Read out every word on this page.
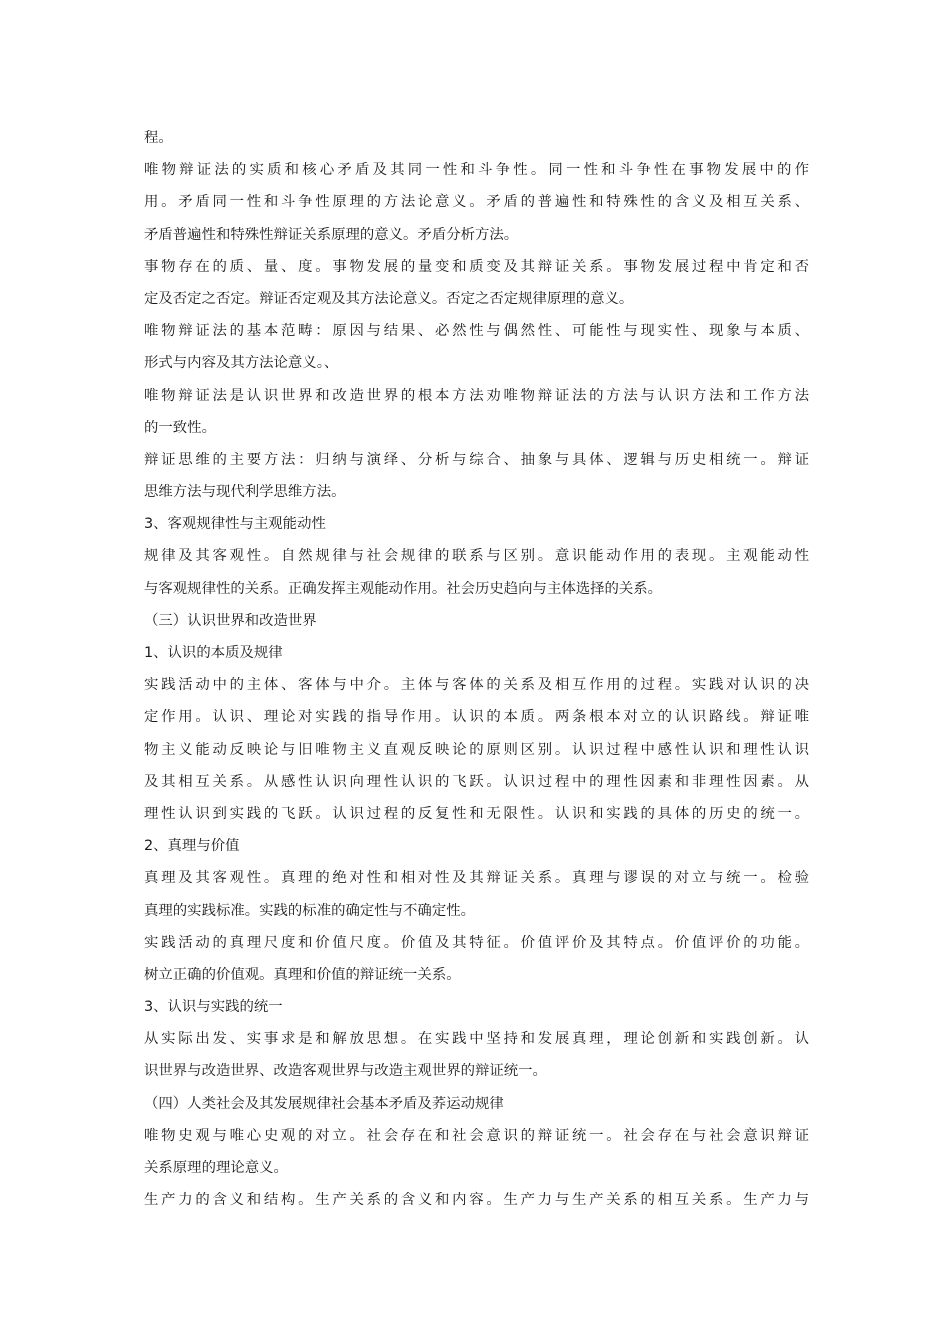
程。
唯物辩证法的实质和核心矛盾及其同一性和斗争性。同一性和斗争性在事物发展中的作
用。矛盾同一性和斗争性原理的方法论意义。矛盾的普遍性和特殊性的含义及相互关系、
矛盾普遍性和特殊性辩证关系原理的意义。矛盾分析方法。
事物存在的质、量、度。事物发展的量变和质变及其辩证关系。事物发展过程中肯定和否
定及否定之否定。辩证否定观及其方法论意义。否定之否定规律原理的意义。
唯物辩证法的基本范畴：原因与结果、必然性与偶然性、可能性与现实性、现象与本质、
形式与内容及其方法论意义。、
唯物辩证法是认识世界和改造世界的根本方法劝唯物辩证法的方法与认识方法和工作方法
的一致性。
辩证思维的主要方法：归纳与演绎、分析与综合、抽象与具体、逻辑与历史相统一。辩证
思维方法与现代利学思维方法。
3、客观规律性与主观能动性
规律及其客观性。自然规律与社会规律的联系与区别。意识能动作用的表现。主观能动性
与客观规律性的关系。正确发挥主观能动作用。社会历史趋向与主体选择的关系。
（三）认识世界和改造世界
1、认识的本质及规律
实践活动中的主体、客体与中介。主体与客体的关系及相互作用的过程。实践对认识的决
定作用。认识、理论对实践的指导作用。认识的本质。两条根本对立的认识路线。辩证唯
物主义能动反映论与旧唯物主义直观反映论的原则区别。认识过程中感性认识和理性认识
及其相互关系。从感性认识向理性认识的飞跃。认识过程中的理性因素和非理性因素。从
理性认识到实践的飞跃。认识过程的反复性和无限性。认识和实践的具体的历史的统一。
2、真理与价值
真理及其客观性。真理的绝对性和相对性及其辩证关系。真理与谬误的对立与统一。检验
真理的实践标准。实践的标准的确定性与不确定性。
实践活动的真理尺度和价值尺度。价值及其特征。价值评价及其特点。价值评价的功能。
树立正确的价值观。真理和价值的辩证统一关系。
3、认识与实践的统一
从实际出发、实事求是和解放思想。在实践中坚持和发展真理，理论创新和实践创新。认
识世界与改造世界、改造客观世界与改造主观世界的辩证统一。
（四）人类社会及其发展规律社会基本矛盾及荞运动规律
唯物史观与唯心史观的对立。社会存在和社会意识的辩证统一。社会存在与社会意识辩证
关系原理的理论意义。
生产力的含义和结构。生产关系的含义和内容。生产力与生产关系的相互关系。生产力与
